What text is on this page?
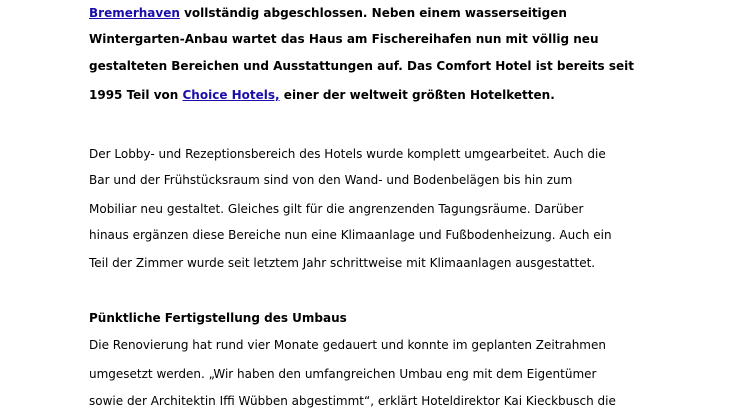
Bremerhaven vollständig abgeschlossen. Neben einem wasserseitigen
Wintergarten-Anbau wartet das Haus am Fischereihafen nun mit völlig neu
gestalteten Bereichen und Ausstattungen auf. Das Comfort Hotel ist bereits seit
1995 Teil von Choice Hotels, einer der weltweit größten Hotelketten.
Der Lobby- und Rezeptionsbereich des Hotels wurde komplett umgearbeitet. Auch die
Bar und der Frühstücksraum sind von den Wand- und Bodenbelägen bis hin zum
Mobiliar neu gestaltet. Gleiches gilt für die angrenzenden Tagungsräume. Darüber
hinaus ergänzen diese Bereiche nun eine Klimaanlage und Fußbodenheizung. Auch ein
Teil der Zimmer wurde seit letztem Jahr schrittweise mit Klimaanlagen ausgestattet.
Pünktliche Fertigstellung des Umbaus
Die Renovierung hat rund vier Monate gedauert und konnte im geplanten Zeitrahmen
umgesetzt werden. „Wir haben den umfangreichen Umbau eng mit dem Eigentümer
sowie der Architektin Iffi Wübben abgestimmt“, erklärt Hoteldirektor Kai Kieckbusch die
